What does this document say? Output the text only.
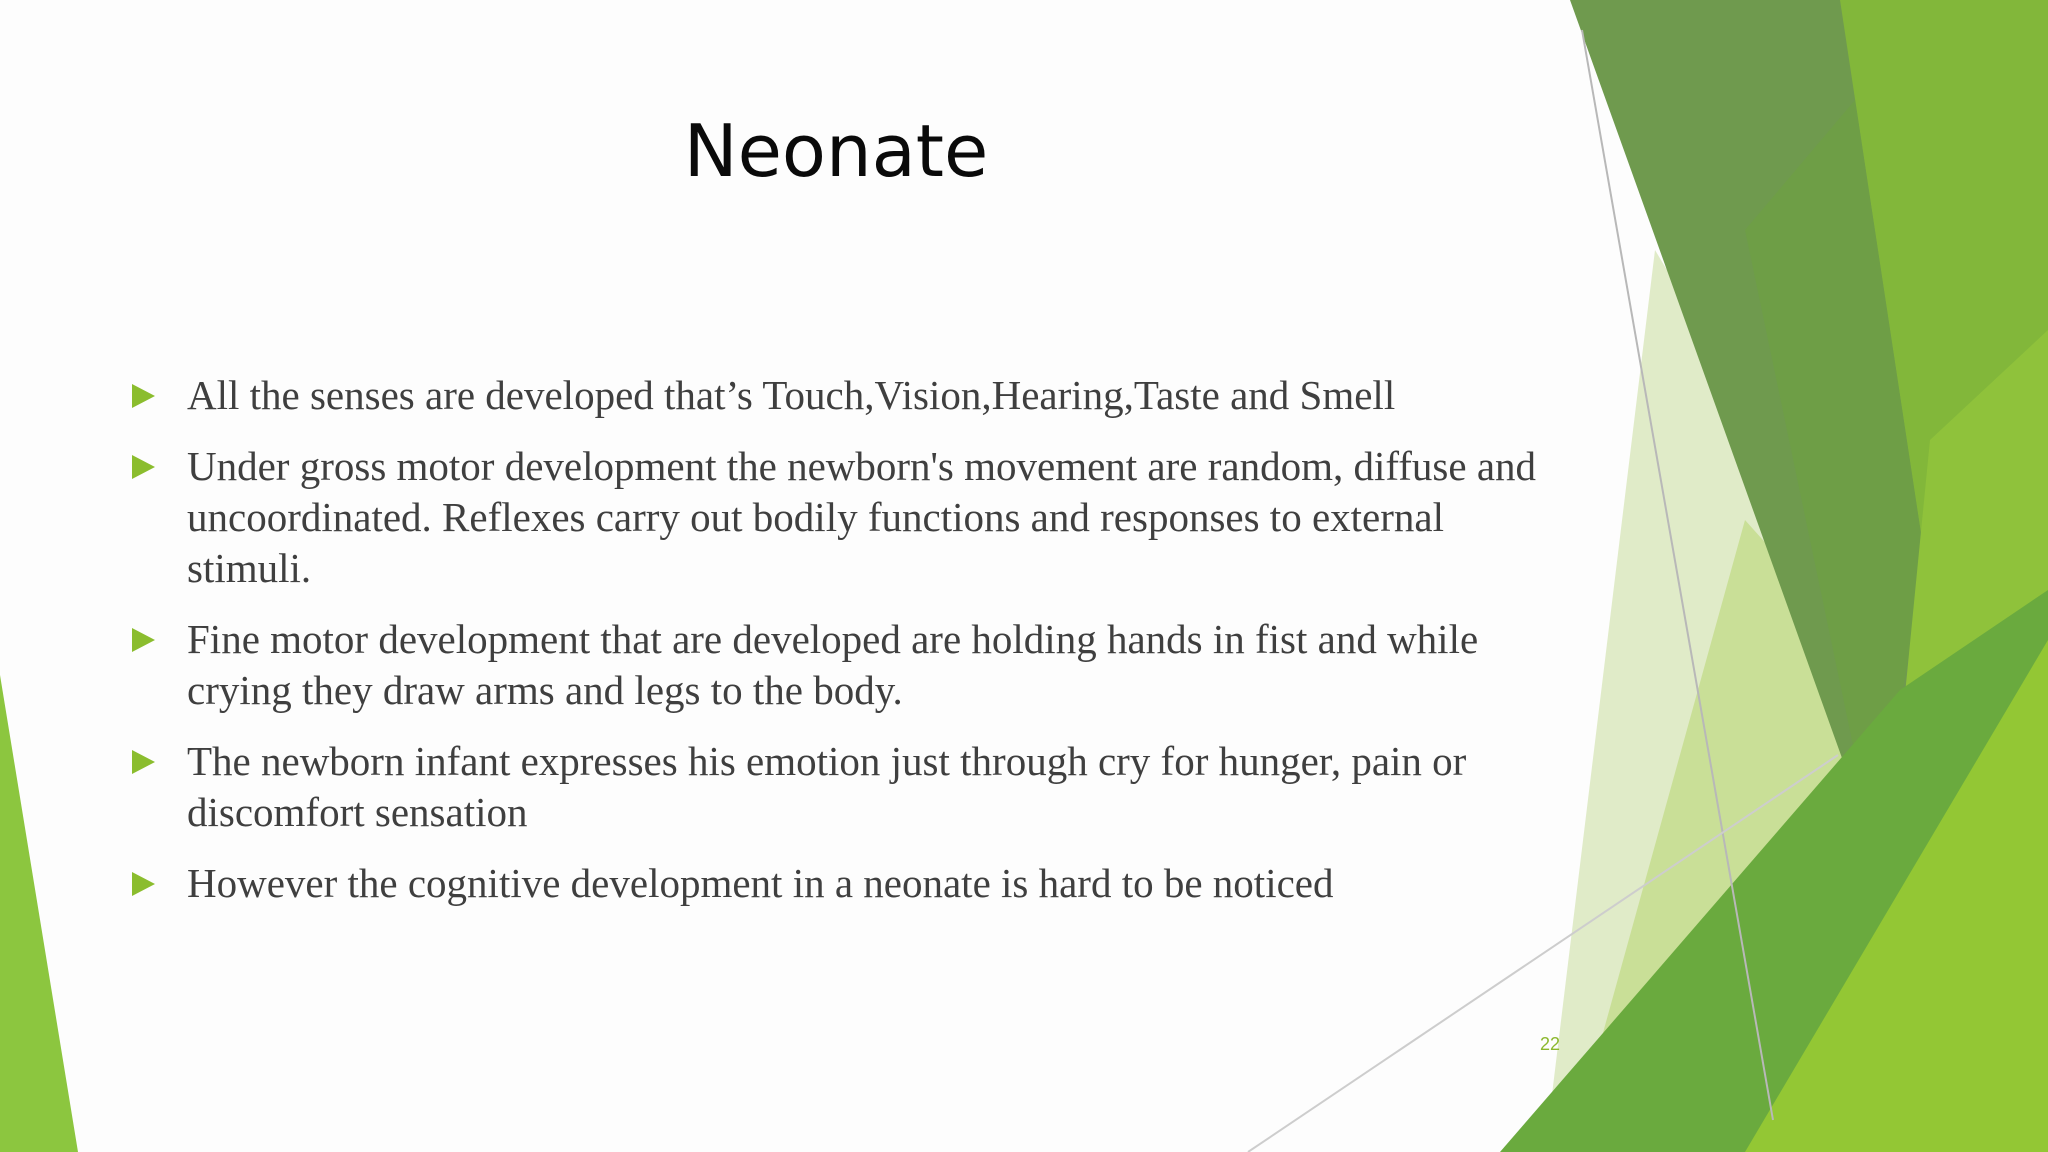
Neonate
All the senses are developed that’s Touch,Vision,Hearing,Taste and Smell
Under gross motor development the newborn's movement are random, diffuse and uncoordinated. Reflexes carry out bodily functions and responses to external stimuli.
Fine motor development that are developed are holding hands in fist and while crying they draw arms and legs to the body.
The newborn infant expresses his emotion just through cry for hunger, pain or discomfort sensation
However the cognitive development in a neonate is hard to be noticed
22
